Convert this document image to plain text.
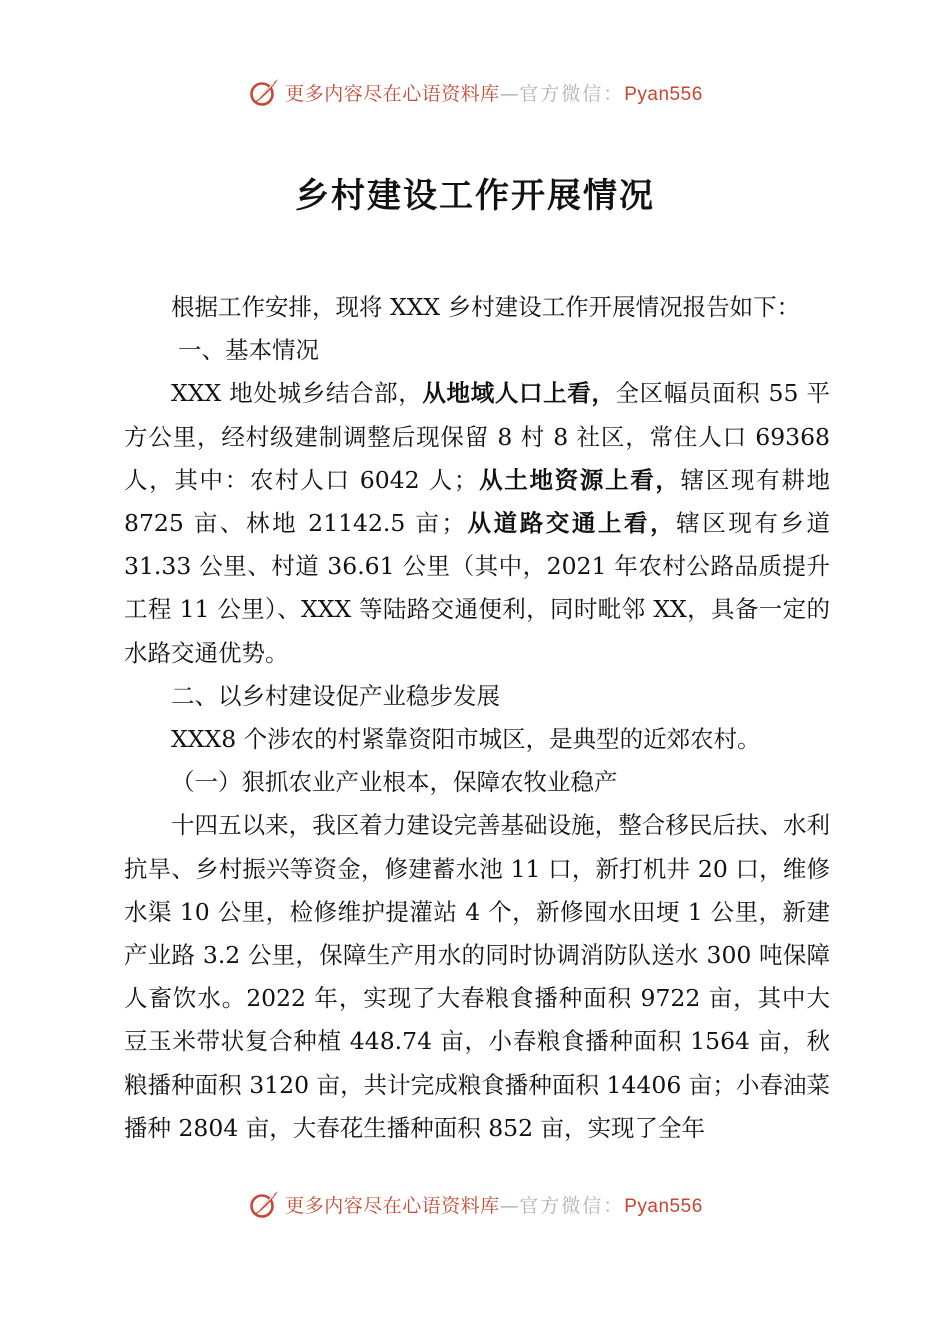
更多内容尽在心语资料库—官方微信：Pyan556
乡村建设工作开展情况

根据工作安排，现将 XXX 乡村建设工作开展情况报告如下：

一、基本情况

XXX 地处城乡结合部，从地域人口上看，全区幅员面积 55 平方公里，经村级建制调整后现保留 8 村 8 社区，常住人口 69368 人，其中：农村人口 6042 人；从土地资源上看，辖区现有耕地 8725 亩、林地 21142.5 亩；从道路交通上看，辖区现有乡道 31.33 公里、村道 36.61 公里（其中，2021 年农村公路品质提升工程 11 公里）、XXX 等陆路交通便利，同时毗邻 XX，具备一定的水路交通优势。

二、以乡村建设促产业稳步发展

XXX8 个涉农的村紧靠资阳市城区，是典型的近郊农村。

（一）狠抓农业产业根本，保障农牧业稳产

十四五以来，我区着力建设完善基础设施，整合移民后扶、水利抗旱、乡村振兴等资金，修建蓄水池 11 口，新打机井 20 口，维修水渠 10 公里，检修维护提灌站 4 个，新修囤水田埂 1 公里，新建产业路 3.2 公里，保障生产用水的同时协调消防队送水 300 吨保障人畜饮水。2022 年，实现了大春粮食播种面积 9722 亩，其中大豆玉米带状复合种植 448.74 亩，小春粮食播种面积 1564 亩，秋粮播种面积 3120 亩，共计完成粮食播种面积 14406 亩；小春油菜播种 2804 亩，大春花生播种面积 852 亩，实现了全年

更多内容尽在心语资料库—官方微信：Pyan556
